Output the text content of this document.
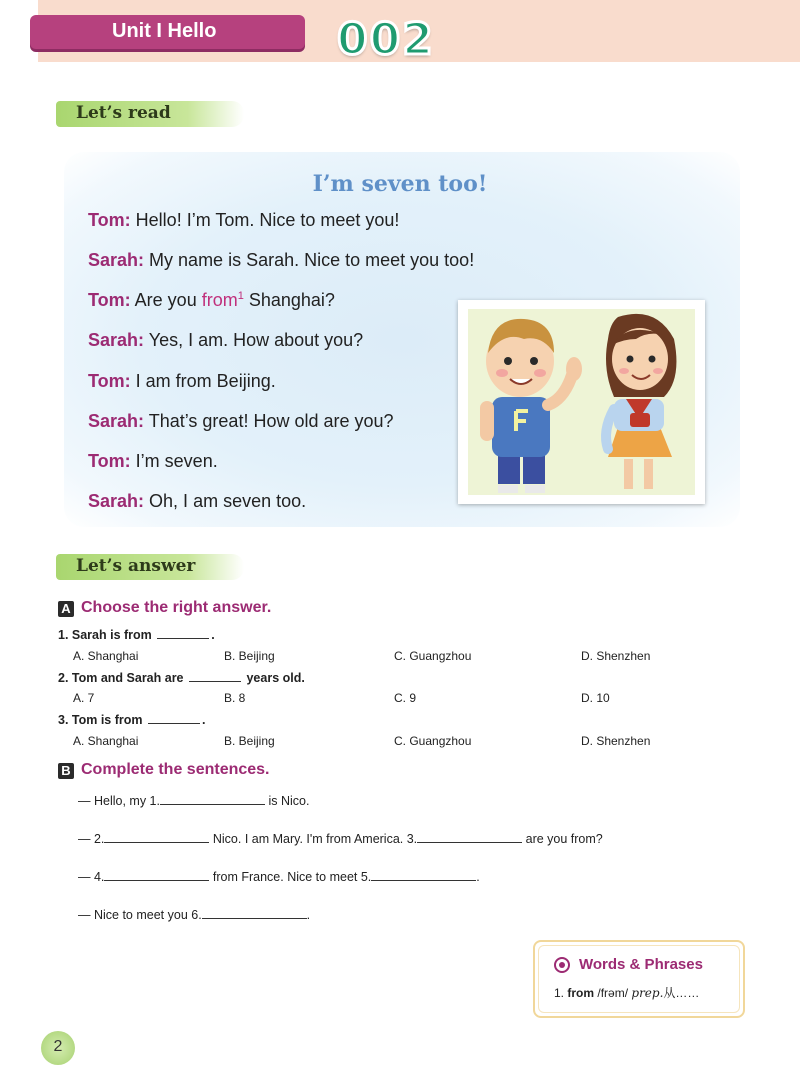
Unit I Hello	002
Let’s read
I’m seven too!
Tom: Hello! I’m Tom. Nice to meet you!
Sarah: My name is Sarah. Nice to meet you too!
Tom: Are you from$^1$ Shanghai?
Sarah: Yes, I am. How about you?
Tom: I am from Beijing.
Sarah: That’s great! How old are you?
Tom: I’m seven.
Sarah: Oh, I am seven too.
Let’s answer
A Choose the right answer.
1. Sarah is from	.
A. Shanghai	B. Beijing	C. Guangzhou	D. Shenzhen
2. Tom and Sarah are	years old.
A. 7	B. 8	C. 9	D. 10
3. Tom is from	.
A. Shanghai	B. Beijing	C. Guangzhou	D. Shenzhen
B Complete the sentences.
— Hello, my 1.	is Nico.
— 2.	Nico. I am Mary. I'm from America. 3.	are you from?
— 4.	from France. Nice to meet 5.	.
— Nice to meet you 6.	.
Words & Phrases
1. from /frəm/ prep.从……
2
